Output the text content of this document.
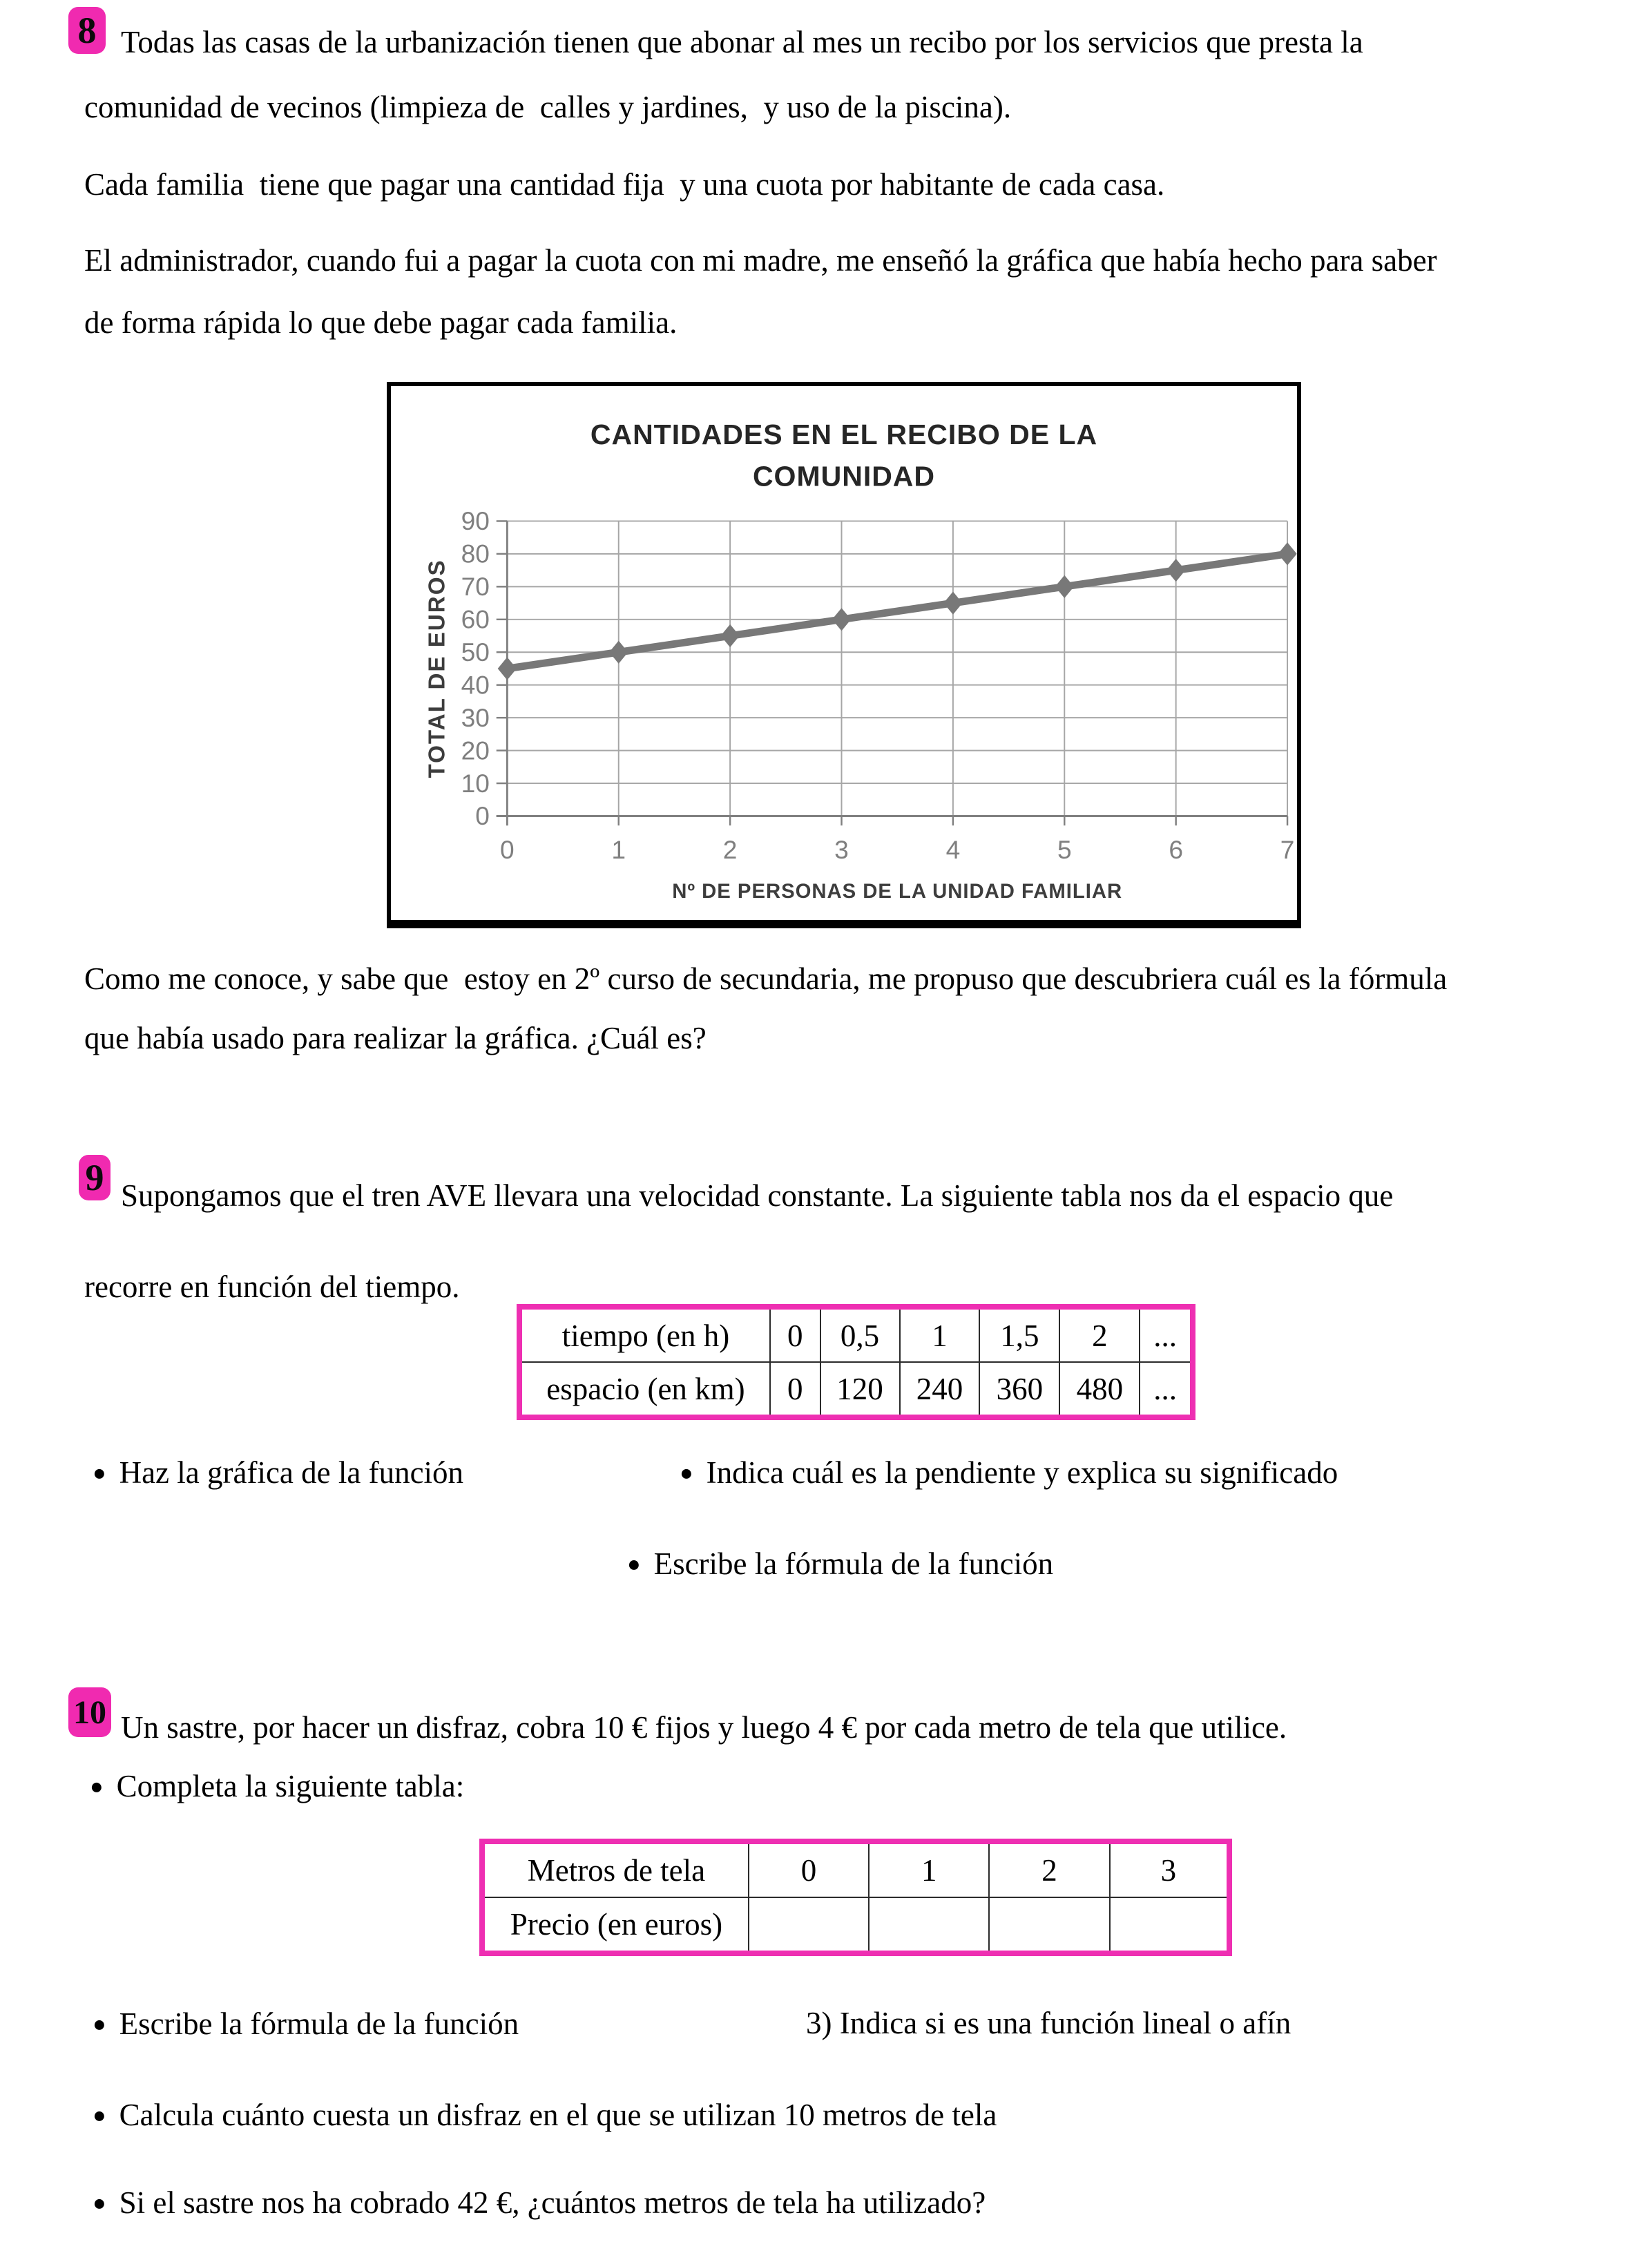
8 Todas las casas de la urbanización tienen que abonar al mes un recibo por los servicios que presta la
comunidad de vecinos (limpieza de  calles y jardines,  y uso de la piscina).
Cada familia  tiene que pagar una cantidad fija  y una cuota por habitante de cada casa.
El administrador, cuando fui a pagar la cuota con mi madre, me enseñó la gráfica que había hecho para saber
de forma rápida lo que debe pagar cada familia.
CANTIDADES EN EL RECIBO DE LA
COMUNIDAD
0
10
20
30
40
50
60
70
80
90
0	1	2	3	4	5	6	7
TOTAL DE EUROS
Nº DE PERSONAS DE LA UNIDAD FAMILIAR
Como me conoce, y sabe que  estoy en 2º curso de secundaria, me propuso que descubriera cuál es la fórmula
que había usado para realizar la gráfica. ¿Cuál es?
9 Supongamos que el tren AVE llevara una velocidad constante. La siguiente tabla nos da el espacio que
recorre en función del tiempo.
tiempo (en h)	0	0,5	1	1,5	2	...
espacio (en km)	0	120	240	360	480	...
● Haz la gráfica de la función	● Indica cuál es la pendiente y explica su significado
● Escribe la fórmula de la función
10 Un sastre, por hacer un disfraz, cobra 10 € fijos y luego 4 € por cada metro de tela que utilice.
● Completa la siguiente tabla:
Metros de tela	0	1	2	3
Precio (en euros)				
● Escribe la fórmula de la función	3) Indica si es una función lineal o afín
● Calcula cuánto cuesta un disfraz en el que se utilizan 10 metros de tela
● Si el sastre nos ha cobrado 42 €, ¿cuántos metros de tela ha utilizado?
